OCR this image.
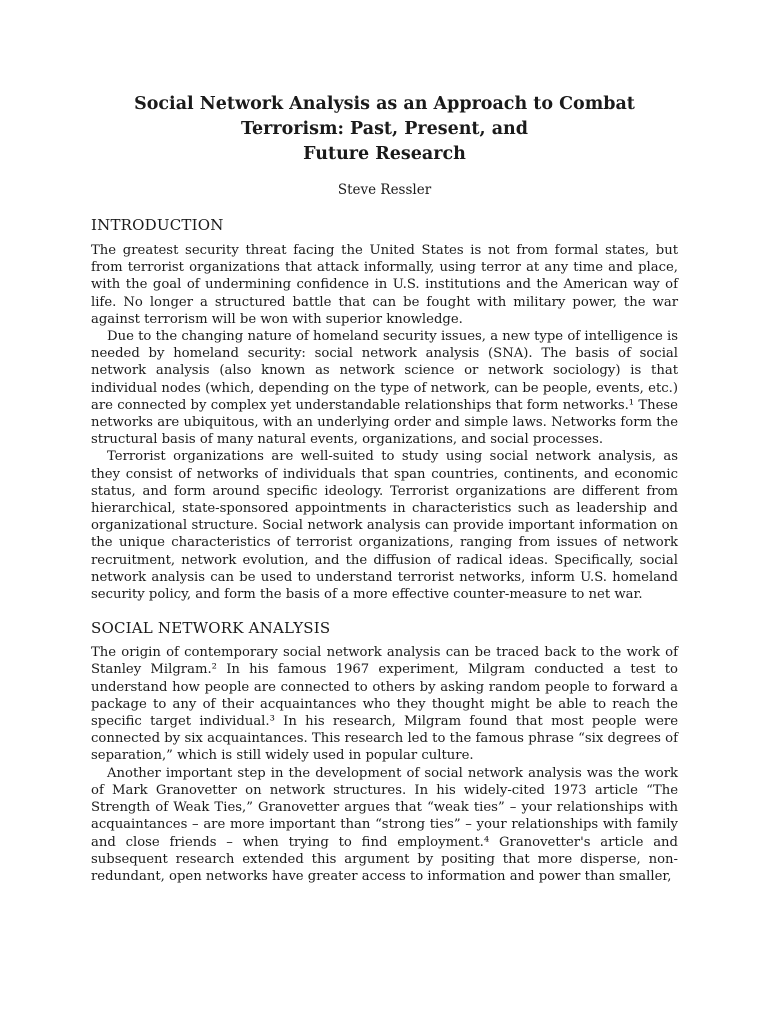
Social Network Analysis as an Approach to Combat
Terrorism: Past, Present, and
Future Research
Steve Ressler
INTRODUCTION

The greatest security threat facing the United States is not from formal states, but from terrorist organizations that attack informally, using terror at any time and place, with the goal of undermining confidence in U.S. institutions and the American way of life. No longer a structured battle that can be fought with military power, the war against terrorism will be won with superior knowledge.

Due to the changing nature of homeland security issues, a new type of intelligence is needed by homeland security: social network analysis (SNA). The basis of social network analysis (also known as network science or network sociology) is that individual nodes (which, depending on the type of network, can be people, events, etc.) are connected by complex yet understandable relationships that form networks.¹ These networks are ubiquitous, with an underlying order and simple laws. Networks form the structural basis of many natural events, organizations, and social processes.

Terrorist organizations are well-suited to study using social network analysis, as they consist of networks of individuals that span countries, continents, and economic status, and form around specific ideology. Terrorist organizations are different from hierarchical, state-sponsored appointments in characteristics such as leadership and organizational structure. Social network analysis can provide important information on the unique characteristics of terrorist organizations, ranging from issues of network recruitment, network evolution, and the diffusion of radical ideas. Specifically, social network analysis can be used to understand terrorist networks, inform U.S. homeland security policy, and form the basis of a more effective counter-measure to net war.

SOCIAL NETWORK ANALYSIS

The origin of contemporary social network analysis can be traced back to the work of Stanley Milgram.² In his famous 1967 experiment, Milgram conducted a test to understand how people are connected to others by asking random people to forward a package to any of their acquaintances who they thought might be able to reach the specific target individual.³ In his research, Milgram found that most people were connected by six acquaintances. This research led to the famous phrase “six degrees of separation,” which is still widely used in popular culture.

Another important step in the development of social network analysis was the work of Mark Granovetter on network structures. In his widely-cited 1973 article “The Strength of Weak Ties,” Granovetter argues that “weak ties” – your relationships with acquaintances – are more important than “strong ties” – your relationships with family and close friends – when trying to find employment.⁴ Granovetter's article and subsequent research extended this argument by positing that more disperse, non-redundant, open networks have greater access to information and power than smaller,
